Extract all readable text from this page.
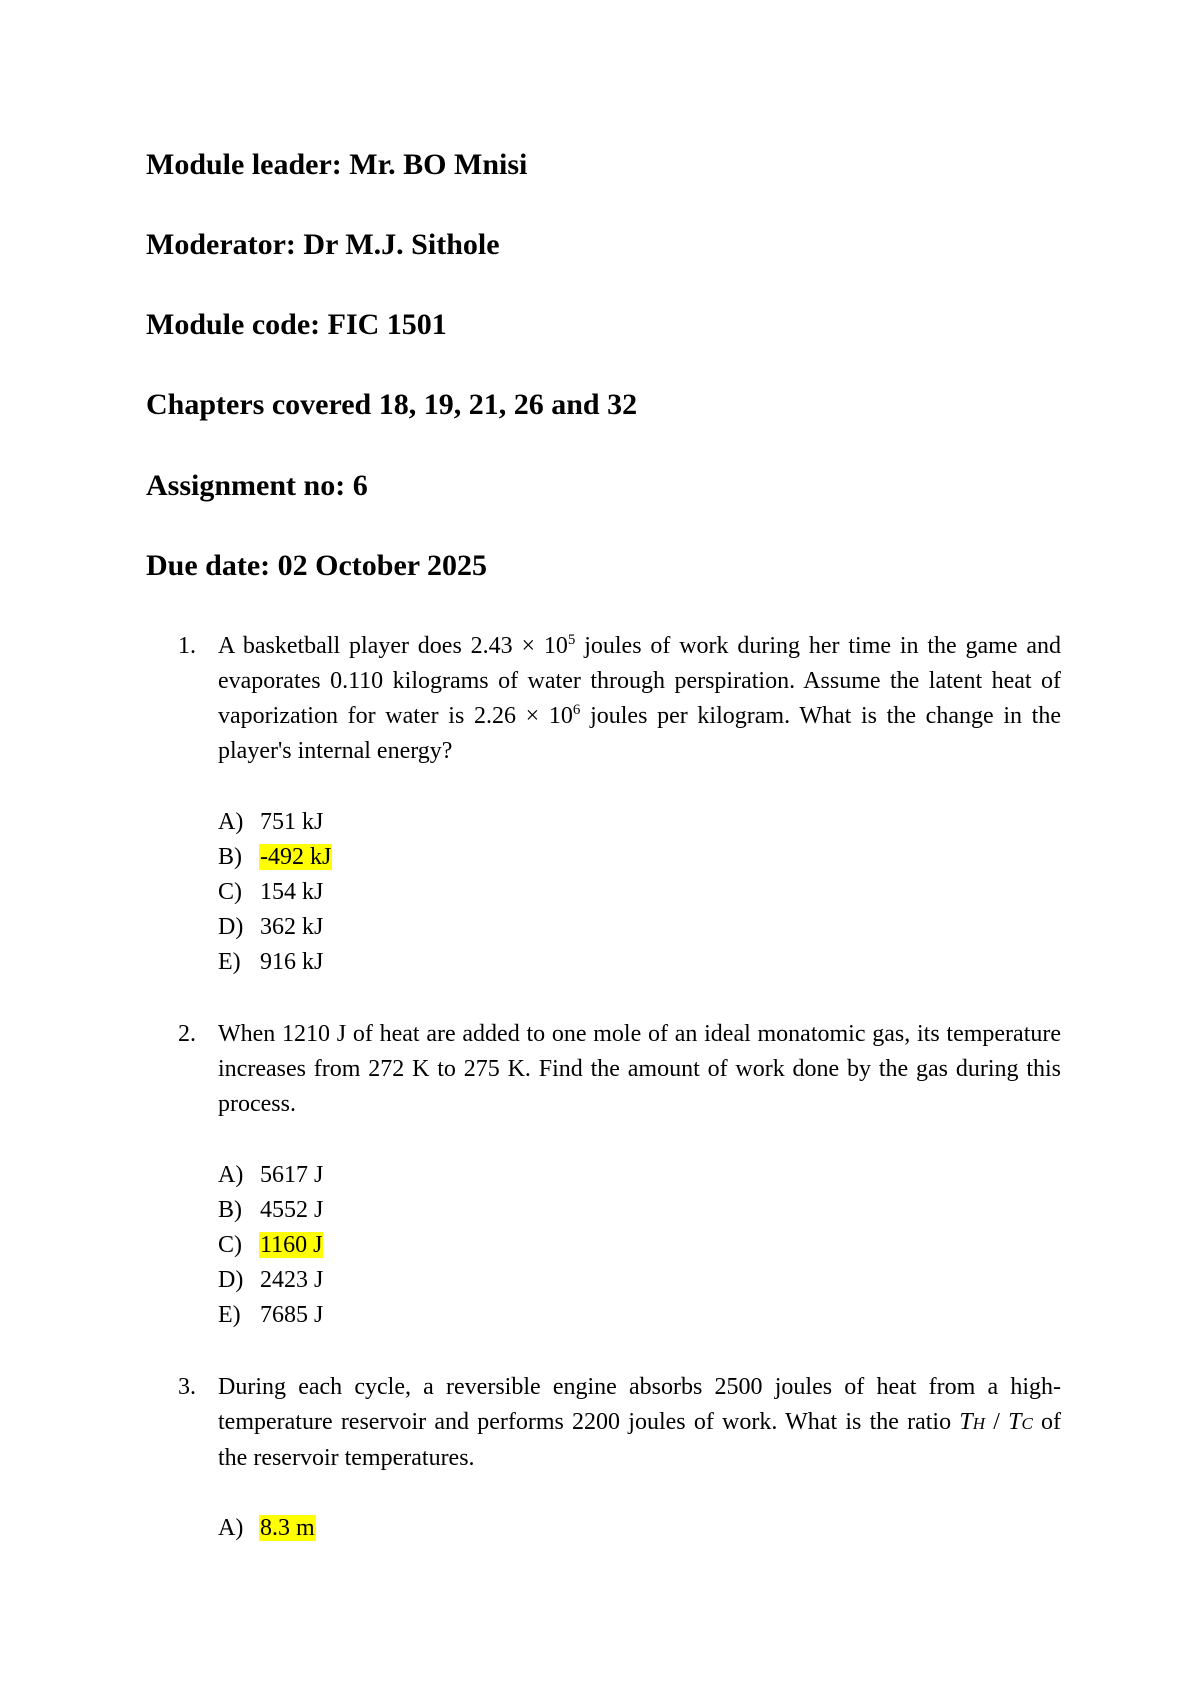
Module leader: Mr. BO Mnisi
Moderator: Dr M.J. Sithole
Module code: FIC 1501
Chapters covered 18, 19, 21, 26 and 32
Assignment no: 6
Due date: 02 October 2025
1. A basketball player does $2.43 \times 10^5$ joules of work during her time in the game and evaporates 0.110 kilograms of water through perspiration. Assume the latent heat of vaporization for water is $2.26 \times 10^6$ joules per kilogram. What is the change in the player's internal energy?
A) 751 kJ
B) -492 kJ
C) 154 kJ
D) 362 kJ
E) 916 kJ
2. When 1210 J of heat are added to one mole of an ideal monatomic gas, its temperature increases from 272 K to 275 K. Find the amount of work done by the gas during this process.
A) 5617 J
B) 4552 J
C) 1160 J
D) 2423 J
E) 7685 J
3. During each cycle, a reversible engine absorbs 2500 joules of heat from a high-temperature reservoir and performs 2200 joules of work. What is the ratio TH / TC of the reservoir temperatures.
A) 8.3 m
